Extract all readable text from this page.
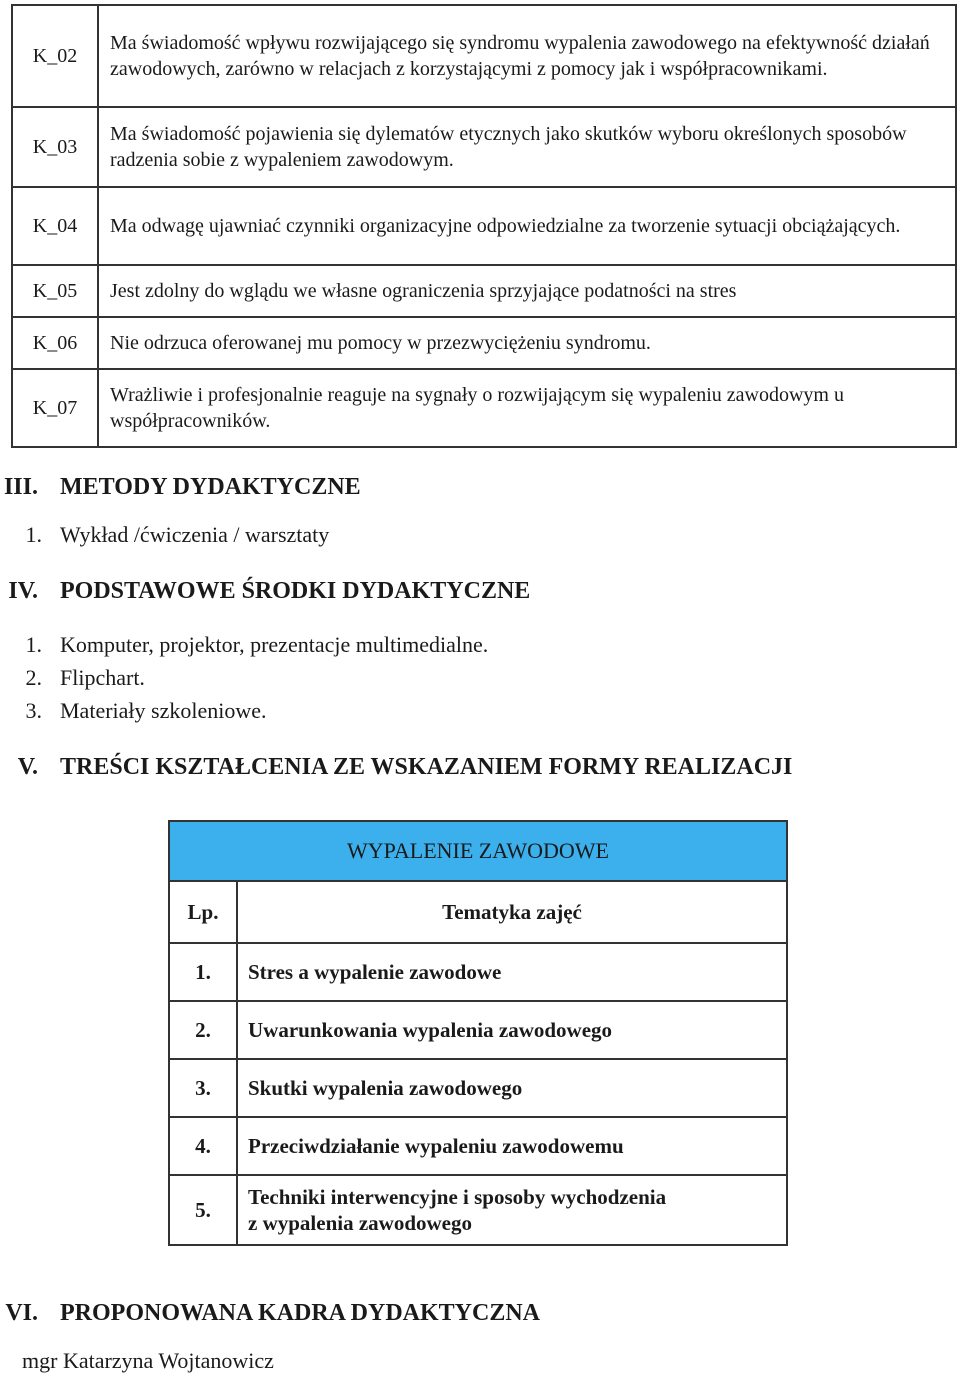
K_02	Ma świadomość wpływu rozwijającego się syndromu wypalenia zawodowego na efektywność działań zawodowych, zarówno w relacjach z korzystającymi z pomocy jak i współpracownikami.
K_03	Ma świadomość pojawienia się dylematów etycznych jako skutków wyboru określonych sposobów radzenia sobie z wypaleniem zawodowym.
K_04	Ma odwagę ujawniać czynniki organizacyjne odpowiedzialne za tworzenie sytuacji obciążających.
K_05	Jest zdolny do wglądu we własne ograniczenia sprzyjające podatności na stres
K_06	Nie odrzuca oferowanej mu pomocy w przezwyciężeniu syndromu.
K_07	Wrażliwie i profesjonalnie reaguje na sygnały o rozwijającym się wypaleniu zawodowym u współpracowników.
III. METODY DYDAKTYCZNE
1. Wykład /ćwiczenia / warsztaty
IV. PODSTAWOWE ŚRODKI DYDAKTYCZNE
1. Komputer, projektor, prezentacje multimedialne.
2. Flipchart.
3. Materiały szkoleniowe.
V. TREŚCI KSZTAŁCENIA ZE WSKAZANIEM FORMY REALIZACJI
WYPALENIE ZAWODOWE	
Lp.	Tematyka zajęć
1.	Stres a wypalenie zawodowe
2.	Uwarunkowania wypalenia zawodowego
3.	Skutki wypalenia zawodowego
4.	Przeciwdziałanie wypaleniu zawodowemu
5.	Techniki interwencyjne i sposoby wychodzenia
z wypalenia zawodowego
VI. PROPONOWANA KADRA DYDAKTYCZNA
mgr Katarzyna Wojtanowicz
